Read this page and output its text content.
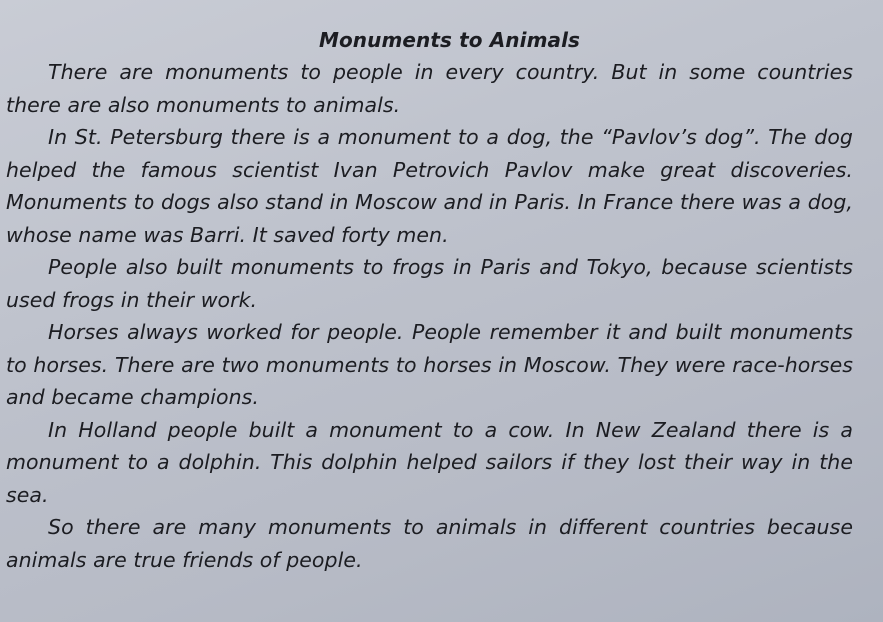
Monuments to Animals

There are monuments to people in every country. But in some countries there are also monuments to animals.

In St. Petersburg there is a monument to a dog, the “Pavlov’s dog”. The dog helped the famous scientist Ivan Petrovich Pavlov make great discoveries. Monuments to dogs also stand in Moscow and in Paris. In France there was a dog, whose name was Barri. It saved forty men.

People also built monuments to frogs in Paris and Tokyo, because scientists used frogs in their work.

Horses always worked for people. People remember it and built monuments to horses. There are two monuments to horses in Moscow. They were race-horses and became champions.

In Holland people built a monument to a cow. In New Zealand there is a monument to a dolphin. This dolphin helped sailors if they lost their way in the sea.

So there are many monuments to animals in different countries because animals are true friends of people.
